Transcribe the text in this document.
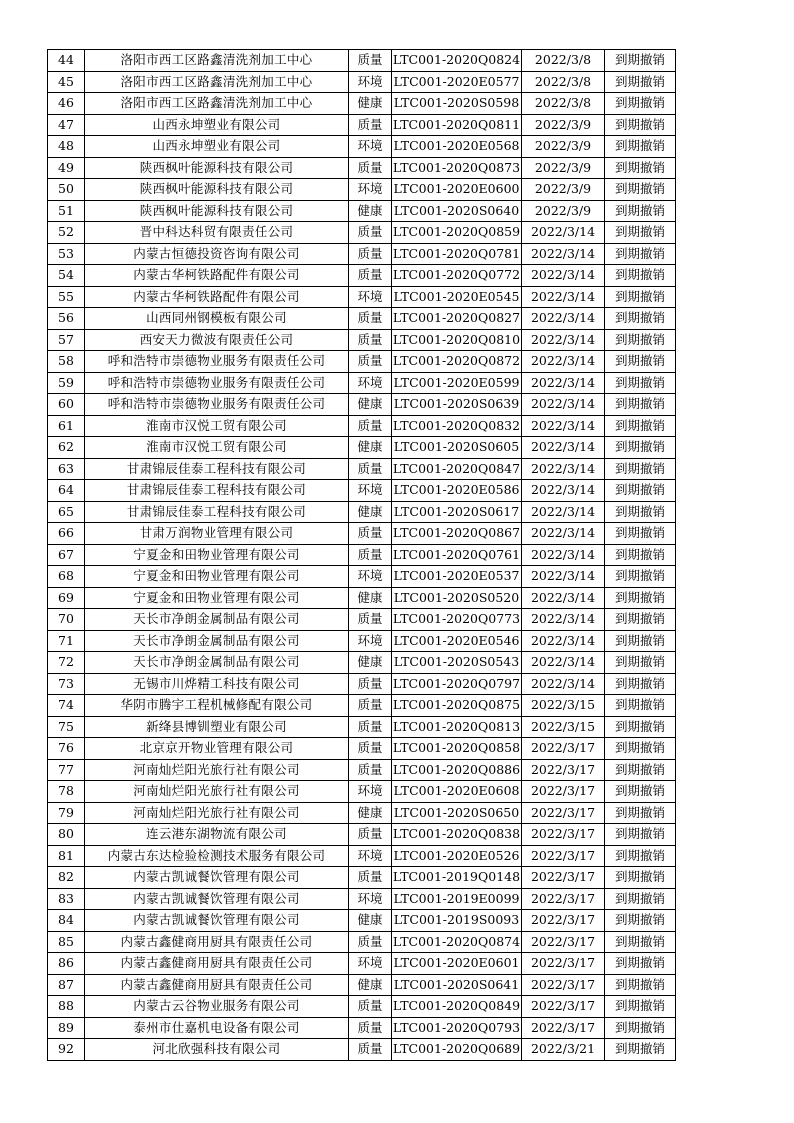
44	洛阳市西工区路鑫清洗剂加工中心	质量	LTC001-2020Q0824	2022/3/8	到期撤销
45	洛阳市西工区路鑫清洗剂加工中心	环境	LTC001-2020E0577	2022/3/8	到期撤销
46	洛阳市西工区路鑫清洗剂加工中心	健康	LTC001-2020S0598	2022/3/8	到期撤销
47	山西永坤塑业有限公司	质量	LTC001-2020Q0811	2022/3/9	到期撤销
48	山西永坤塑业有限公司	环境	LTC001-2020E0568	2022/3/9	到期撤销
49	陕西枫叶能源科技有限公司	质量	LTC001-2020Q0873	2022/3/9	到期撤销
50	陕西枫叶能源科技有限公司	环境	LTC001-2020E0600	2022/3/9	到期撤销
51	陕西枫叶能源科技有限公司	健康	LTC001-2020S0640	2022/3/9	到期撤销
52	晋中科达科贸有限责任公司	质量	LTC001-2020Q0859	2022/3/14	到期撤销
53	内蒙古恒德投资咨询有限公司	质量	LTC001-2020Q0781	2022/3/14	到期撤销
54	内蒙古华柯铁路配件有限公司	质量	LTC001-2020Q0772	2022/3/14	到期撤销
55	内蒙古华柯铁路配件有限公司	环境	LTC001-2020E0545	2022/3/14	到期撤销
56	山西同州钢模板有限公司	质量	LTC001-2020Q0827	2022/3/14	到期撤销
57	西安天力微波有限责任公司	质量	LTC001-2020Q0810	2022/3/14	到期撤销
58	呼和浩特市崇德物业服务有限责任公司	质量	LTC001-2020Q0872	2022/3/14	到期撤销
59	呼和浩特市崇德物业服务有限责任公司	环境	LTC001-2020E0599	2022/3/14	到期撤销
60	呼和浩特市崇德物业服务有限责任公司	健康	LTC001-2020S0639	2022/3/14	到期撤销
61	淮南市汉悦工贸有限公司	质量	LTC001-2020Q0832	2022/3/14	到期撤销
62	淮南市汉悦工贸有限公司	健康	LTC001-2020S0605	2022/3/14	到期撤销
63	甘肃锦辰佳泰工程科技有限公司	质量	LTC001-2020Q0847	2022/3/14	到期撤销
64	甘肃锦辰佳泰工程科技有限公司	环境	LTC001-2020E0586	2022/3/14	到期撤销
65	甘肃锦辰佳泰工程科技有限公司	健康	LTC001-2020S0617	2022/3/14	到期撤销
66	甘肃万润物业管理有限公司	质量	LTC001-2020Q0867	2022/3/14	到期撤销
67	宁夏金和田物业管理有限公司	质量	LTC001-2020Q0761	2022/3/14	到期撤销
68	宁夏金和田物业管理有限公司	环境	LTC001-2020E0537	2022/3/14	到期撤销
69	宁夏金和田物业管理有限公司	健康	LTC001-2020S0520	2022/3/14	到期撤销
70	天长市净朗金属制品有限公司	质量	LTC001-2020Q0773	2022/3/14	到期撤销
71	天长市净朗金属制品有限公司	环境	LTC001-2020E0546	2022/3/14	到期撤销
72	天长市净朗金属制品有限公司	健康	LTC001-2020S0543	2022/3/14	到期撤销
73	无锡市川烨精工科技有限公司	质量	LTC001-2020Q0797	2022/3/14	到期撤销
74	华阴市腾宇工程机械修配有限公司	质量	LTC001-2020Q0875	2022/3/15	到期撤销
75	新绛县博钏塑业有限公司	质量	LTC001-2020Q0813	2022/3/15	到期撤销
76	北京京开物业管理有限公司	质量	LTC001-2020Q0858	2022/3/17	到期撤销
77	河南灿烂阳光旅行社有限公司	质量	LTC001-2020Q0886	2022/3/17	到期撤销
78	河南灿烂阳光旅行社有限公司	环境	LTC001-2020E0608	2022/3/17	到期撤销
79	河南灿烂阳光旅行社有限公司	健康	LTC001-2020S0650	2022/3/17	到期撤销
80	连云港东湖物流有限公司	质量	LTC001-2020Q0838	2022/3/17	到期撤销
81	内蒙古东达检验检测技术服务有限公司	环境	LTC001-2020E0526	2022/3/17	到期撤销
82	内蒙古凯诚餐饮管理有限公司	质量	LTC001-2019Q0148	2022/3/17	到期撤销
83	内蒙古凯诚餐饮管理有限公司	环境	LTC001-2019E0099	2022/3/17	到期撤销
84	内蒙古凯诚餐饮管理有限公司	健康	LTC001-2019S0093	2022/3/17	到期撤销
85	内蒙古鑫健商用厨具有限责任公司	质量	LTC001-2020Q0874	2022/3/17	到期撤销
86	内蒙古鑫健商用厨具有限责任公司	环境	LTC001-2020E0601	2022/3/17	到期撤销
87	内蒙古鑫健商用厨具有限责任公司	健康	LTC001-2020S0641	2022/3/17	到期撤销
88	内蒙古云谷物业服务有限公司	质量	LTC001-2020Q0849	2022/3/17	到期撤销
89	泰州市仕嘉机电设备有限公司	质量	LTC001-2020Q0793	2022/3/17	到期撤销
92	河北欣强科技有限公司	质量	LTC001-2020Q0689	2022/3/21	到期撤销
